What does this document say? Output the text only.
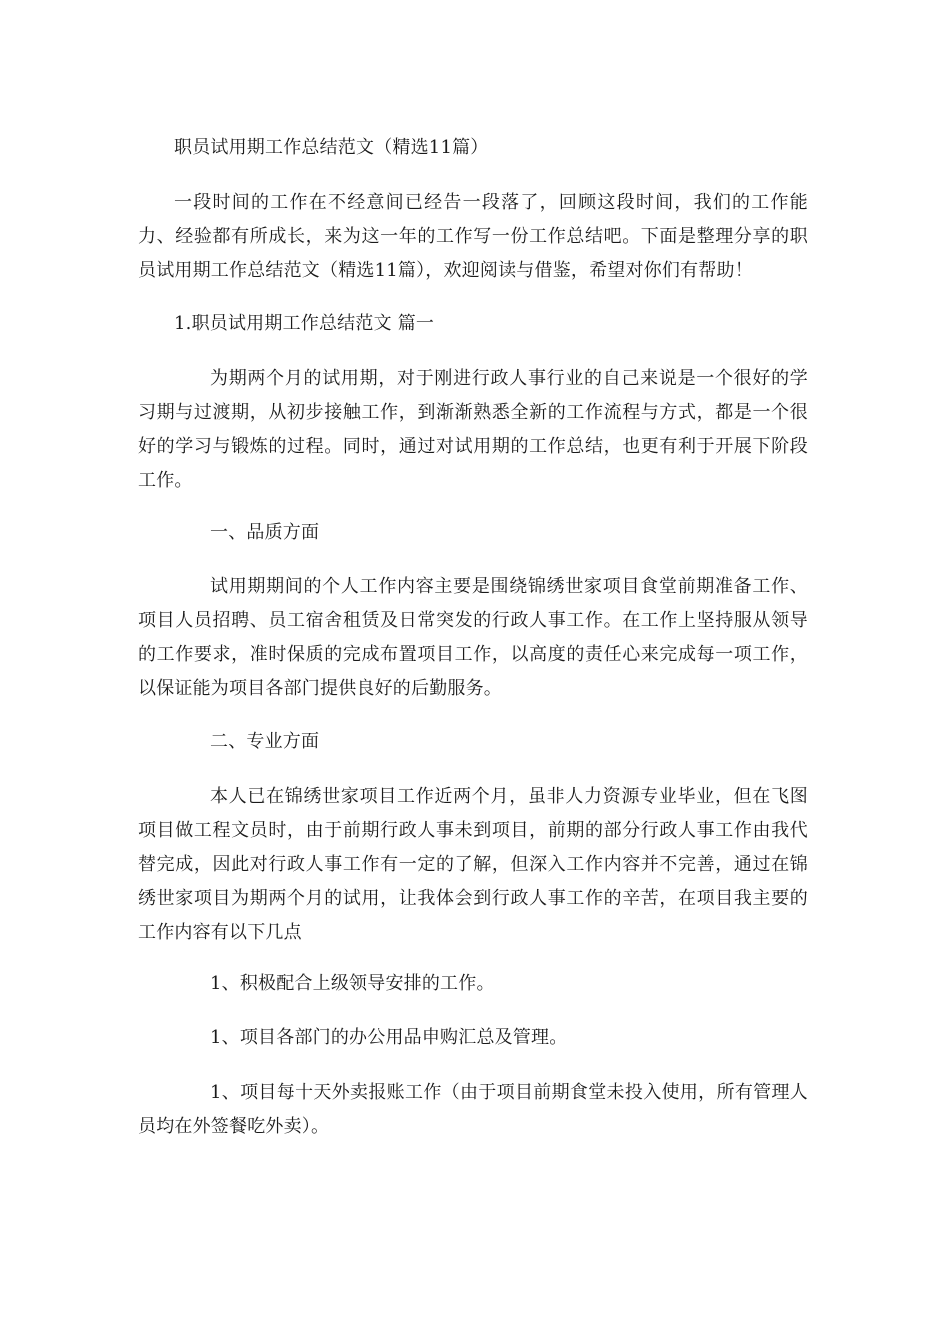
职员试用期工作总结范文（精选11篇）

一段时间的工作在不经意间已经告一段落了，回顾这段时间，我们的工作能力、经验都有所成长，来为这一年的工作写一份工作总结吧。下面是整理分享的职员试用期工作总结范文（精选11篇），欢迎阅读与借鉴，希望对你们有帮助！

1.职员试用期工作总结范文 篇一

为期两个月的试用期，对于刚进行政人事行业的自己来说是一个很好的学习期与过渡期，从初步接触工作，到渐渐熟悉全新的工作流程与方式，都是一个很好的学习与锻炼的过程。同时，通过对试用期的工作总结，也更有利于开展下阶段工作。

一、品质方面

试用期期间的个人工作内容主要是围绕锦绣世家项目食堂前期准备工作、项目人员招聘、员工宿舍租赁及日常突发的行政人事工作。在工作上坚持服从领导的工作要求，准时保质的完成布置项目工作，以高度的责任心来完成每一项工作，以保证能为项目各部门提供良好的后勤服务。

二、专业方面

本人已在锦绣世家项目工作近两个月，虽非人力资源专业毕业，但在飞图项目做工程文员时，由于前期行政人事未到项目，前期的部分行政人事工作由我代替完成，因此对行政人事工作有一定的了解，但深入工作内容并不完善，通过在锦绣世家项目为期两个月的试用，让我体会到行政人事工作的辛苦，在项目我主要的工作内容有以下几点

1、积极配合上级领导安排的工作。

1、项目各部门的办公用品申购汇总及管理。

1、项目每十天外卖报账工作（由于项目前期食堂未投入使用，所有管理人员均在外签餐吃外卖）。
